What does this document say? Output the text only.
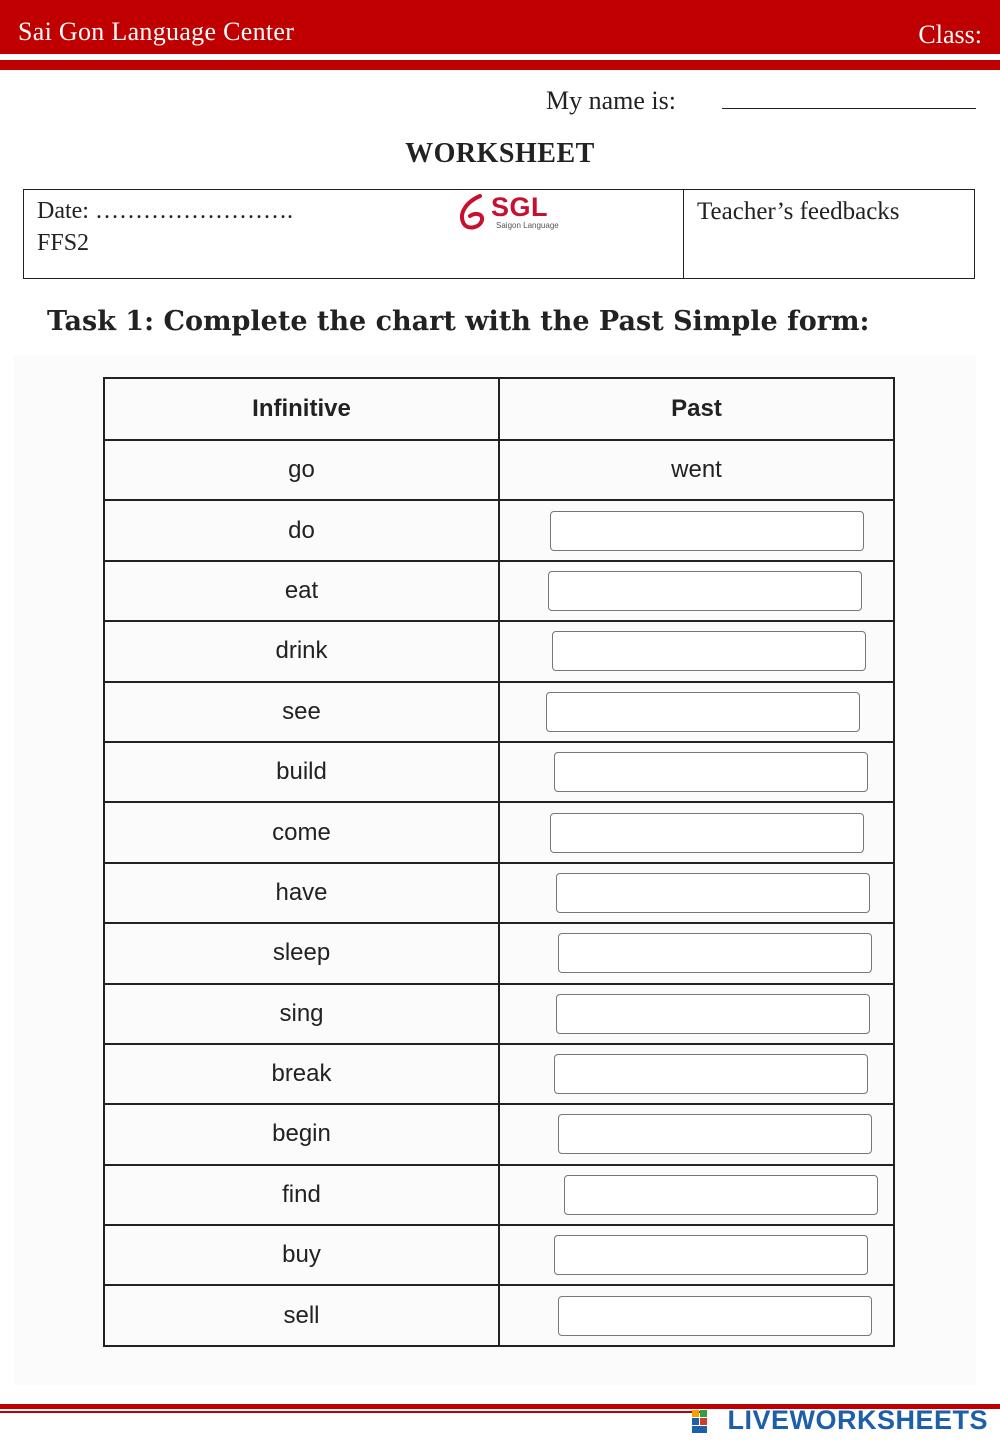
Sai Gon Language Center	Class:
My name is:
WORKSHEET
Date: …………………….
FFS2
SGL
Saigon Language
Teacher’s feedbacks
Task 1: Complete the chart with the Past Simple form:
Infinitive	Past
go	went
do	
eat	
drink	
see	
build	
come	
have	
sleep	
sing	
break	
begin	
find	
buy	
sell	
LIVEWORKSHEETS
